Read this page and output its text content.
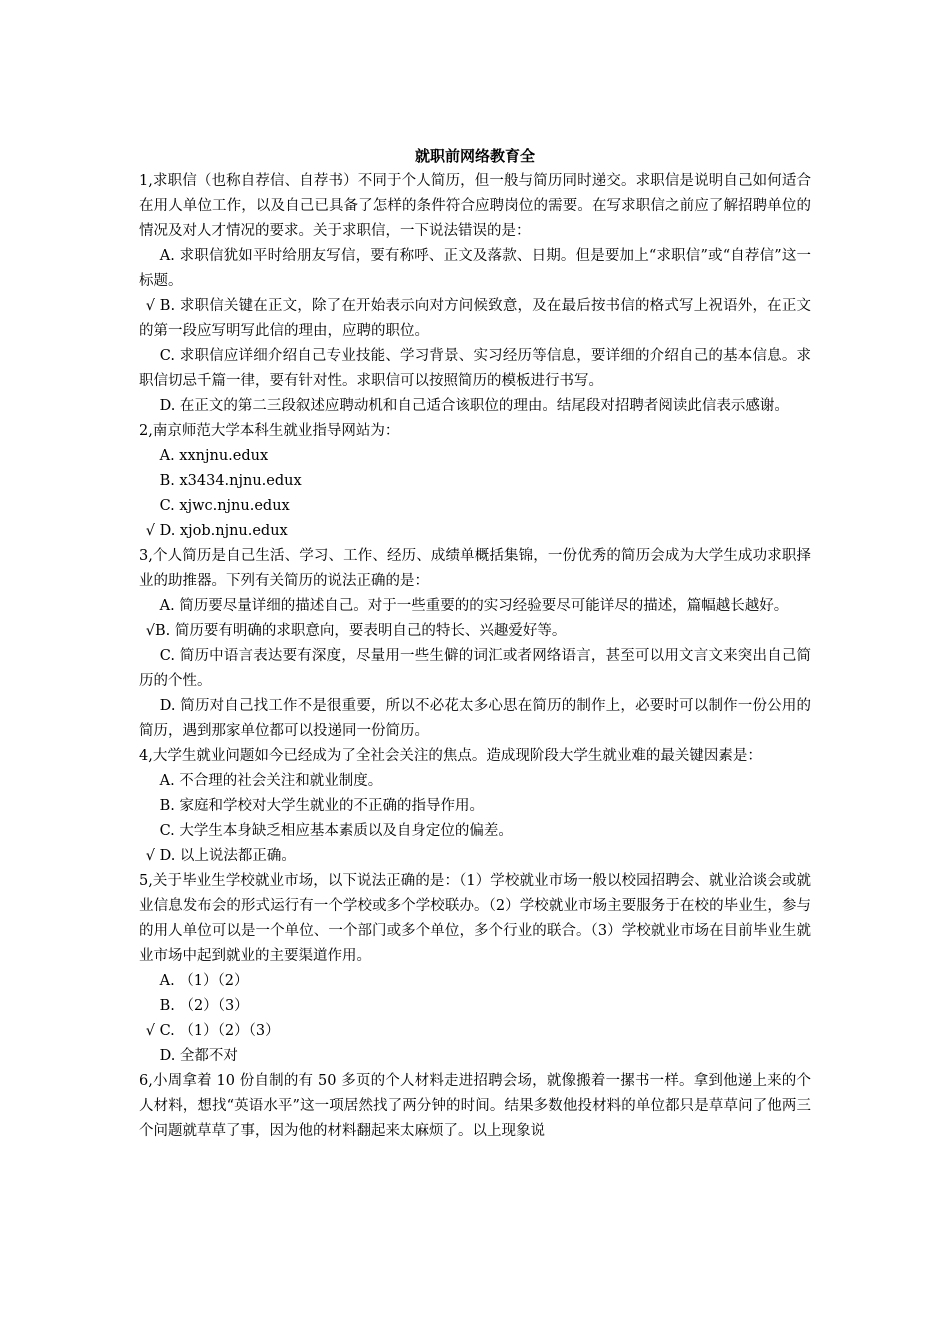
就职前网络教育全

1,求职信（也称自荐信、自荐书）不同于个人简历，但一般与简历同时递交。求职信是说明自己如何适合在用人单位工作，以及自己已具备了怎样的条件符合应聘岗位的需要。在写求职信之前应了解招聘单位的情况及对人才情况的要求。关于求职信，一下说法错误的是：

A. 求职信犹如平时给朋友写信，要有称呼、正文及落款、日期。但是要加上“求职信”或“自荐信”这一标题。

√ B. 求职信关键在正文，除了在开始表示向对方问候致意，及在最后按书信的格式写上祝语外，在正文的第一段应写明写此信的理由，应聘的职位。

C. 求职信应详细介绍自己专业技能、学习背景、实习经历等信息，要详细的介绍自己的基本信息。求职信切忌千篇一律，要有针对性。求职信可以按照简历的模板进行书写。

D. 在正文的第二三段叙述应聘动机和自己适合该职位的理由。结尾段对招聘者阅读此信表示感谢。

2,南京师范大学本科生就业指导网站为：

A. xxnjnu.edux

B. x3434.njnu.edux

C. xjwc.njnu.edux

√ D. xjob.njnu.edux

3,个人简历是自己生活、学习、工作、经历、成绩单概括集锦，一份优秀的简历会成为大学生成功求职择业的助推器。下列有关简历的说法正确的是：

A. 简历要尽量详细的描述自己。对于一些重要的的实习经验要尽可能详尽的描述，篇幅越长越好。

√B. 简历要有明确的求职意向，要表明自己的特长、兴趣爱好等。

C. 简历中语言表达要有深度，尽量用一些生僻的词汇或者网络语言，甚至可以用文言文来突出自己简历的个性。

D. 简历对自己找工作不是很重要，所以不必花太多心思在简历的制作上，必要时可以制作一份公用的简历，遇到那家单位都可以投递同一份简历。

4,大学生就业问题如今已经成为了全社会关注的焦点。造成现阶段大学生就业难的最关键因素是：

A. 不合理的社会关注和就业制度。

B. 家庭和学校对大学生就业的不正确的指导作用。

C. 大学生本身缺乏相应基本素质以及自身定位的偏差。

√ D. 以上说法都正确。

5,关于毕业生学校就业市场，以下说法正确的是：（1）学校就业市场一般以校园招聘会、就业洽谈会或就业信息发布会的形式运行有一个学校或多个学校联办。（2）学校就业市场主要服务于在校的毕业生，参与的用人单位可以是一个单位、一个部门或多个单位，多个行业的联合。（3）学校就业市场在目前毕业生就业市场中起到就业的主要渠道作用。

A. （1）（2）

B. （2）（3）

√ C. （1）（2）（3）

D. 全都不对

6,小周拿着 10 份自制的有 50 多页的个人材料走进招聘会场，就像搬着一摞书一样。拿到他递上来的个人材料，想找“英语水平”这一项居然找了两分钟的时间。结果多数他投材料的单位都只是草草问了他两三个问题就草草了事，因为他的材料翻起来太麻烦了。以上现象说
